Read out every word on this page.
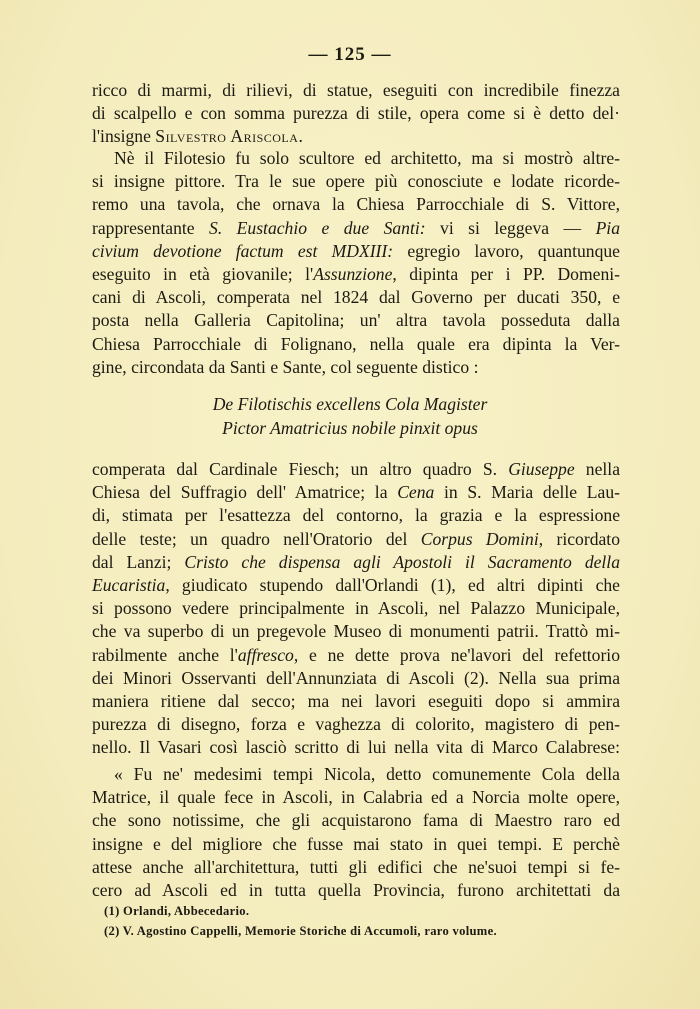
— 125 —
ricco di marmi, di rilievi, di statue, eseguiti con incredibile finezza
di scalpello e con somma purezza di stile, opera come si è detto del·
l'insigne Silvestro Ariscola.
Nè il Filotesio fu solo scultore ed architetto, ma si mostrò altre-
si insigne pittore. Tra le sue opere più conosciute e lodate ricorde-
remo una tavola, che ornava la Chiesa Parrocchiale di S. Vittore,
rappresentante S. Eustachio e due Santi: vi si leggeva — Pia
civium devotione factum est MDXIII: egregio lavoro, quantunque
eseguito in età giovanile; l'Assunzione, dipinta per i PP. Domeni-
cani di Ascoli, comperata nel 1824 dal Governo per ducati 350, e
posta nella Galleria Capitolina; un' altra tavola posseduta dalla
Chiesa Parrocchiale di Folignano, nella quale era dipinta la Ver-
gine, circondata da Santi e Sante, col seguente distico :
De Filotischis excellens Cola Magister
Pictor Amatricius nobile pinxit opus
comperata dal Cardinale Fiesch; un altro quadro S. Giuseppe nella
Chiesa del Suffragio dell' Amatrice; la Cena in S. Maria delle Lau-
di, stimata per l'esattezza del contorno, la grazia e la espressione
delle teste; un quadro nell'Oratorio del Corpus Domini, ricordato
dal Lanzi; Cristo che dispensa agli Apostoli il Sacramento della
Eucaristia, giudicato stupendo dall'Orlandi (1), ed altri dipinti che
si possono vedere principalmente in Ascoli, nel Palazzo Municipale,
che va superbo di un pregevole Museo di monumenti patrii. Trattò mi-
rabilmente anche l'affresco, e ne dette prova ne'lavori del refettorio
dei Minori Osservanti dell'Annunziata di Ascoli (2). Nella sua prima
maniera ritiene dal secco; ma nei lavori eseguiti dopo si ammira
purezza di disegno, forza e vaghezza di colorito, magistero di pen-
nello. Il Vasari così lasciò scritto di lui nella vita di Marco Calabrese:
« Fu ne' medesimi tempi Nicola, detto comunemente Cola della
Matrice, il quale fece in Ascoli, in Calabria ed a Norcia molte opere,
che sono notissime, che gli acquistarono fama di Maestro raro ed
insigne e del migliore che fusse mai stato in quei tempi. E perchè
attese anche all'architettura, tutti gli edifici che ne'suoi tempi si fe-
cero ad Ascoli ed in tutta quella Provincia, furono architettati da
(1) Orlandi, Abbecedario.
(2) V. Agostino Cappelli, Memorie Storiche di Accumoli, raro volume.
